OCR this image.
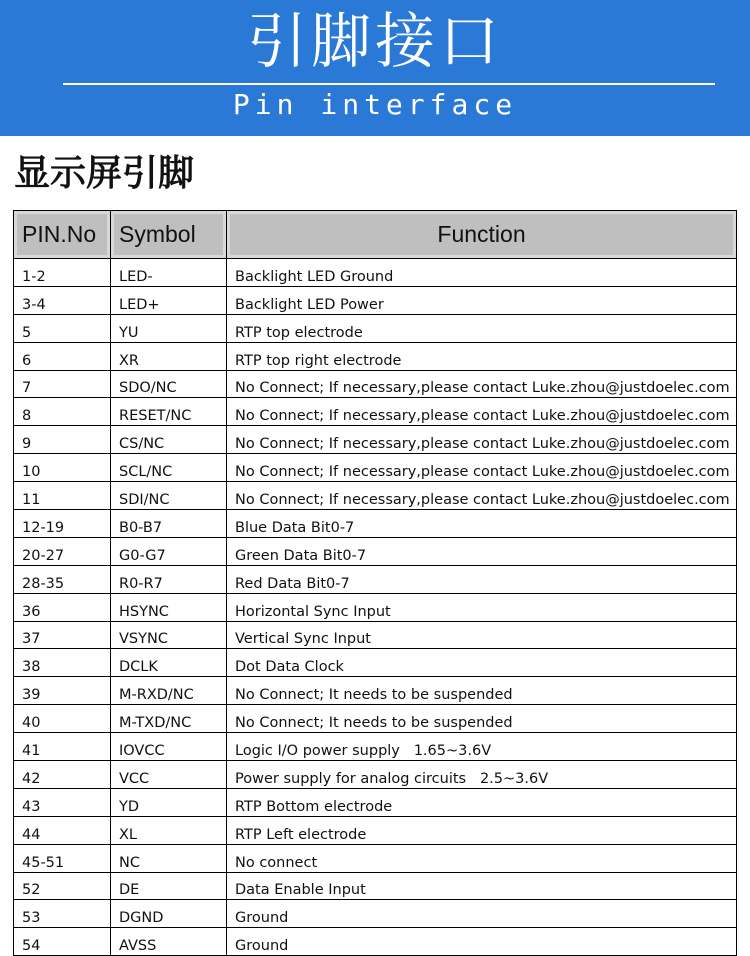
引脚接口
Pin interface
显示屏引脚
PIN.No	Symbol	Function
1-2	LED-	Backlight LED Ground
3-4	LED+	Backlight LED Power
5	YU	RTP top electrode
6	XR	RTP top right electrode
7	SDO/NC	No Connect; If necessary,please contact Luke.zhou@justdoelec.com
8	RESET/NC	No Connect; If necessary,please contact Luke.zhou@justdoelec.com
9	CS/NC	No Connect; If necessary,please contact Luke.zhou@justdoelec.com
10	SCL/NC	No Connect; If necessary,please contact Luke.zhou@justdoelec.com
11	SDI/NC	No Connect; If necessary,please contact Luke.zhou@justdoelec.com
12-19	B0-B7	Blue Data Bit0-7
20-27	G0-G7	Green Data Bit0-7
28-35	R0-R7	Red Data Bit0-7
36	HSYNC	Horizontal Sync Input
37	VSYNC	Vertical Sync Input
38	DCLK	Dot Data Clock
39	M-RXD/NC	No Connect; It needs to be suspended
40	M-TXD/NC	No Connect; It needs to be suspended
41	IOVCC	Logic I/O power supply   1.65~3.6V
42	VCC	Power supply for analog circuits   2.5~3.6V
43	YD	RTP Bottom electrode
44	XL	RTP Left electrode
45-51	NC	No connect
52	DE	Data Enable Input
53	DGND	Ground
54	AVSS	Ground
